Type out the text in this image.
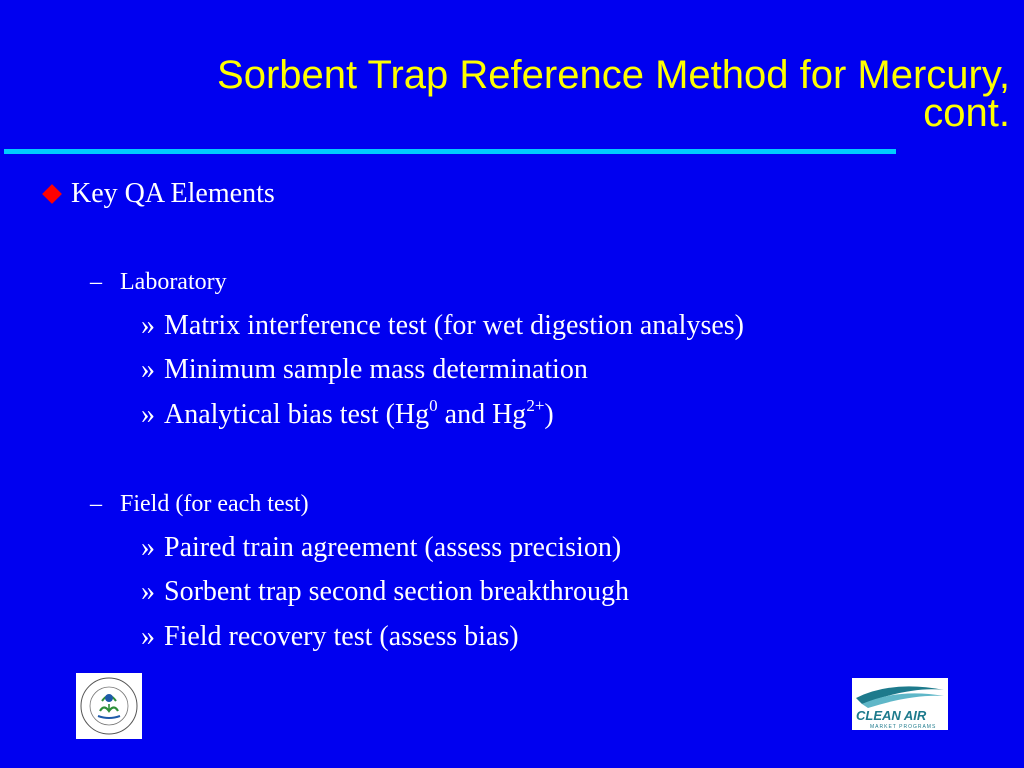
Sorbent Trap Reference Method for Mercury,
cont.
Key QA Elements
– Laboratory
» Matrix interference test (for wet digestion analyses)
» Minimum sample mass determination
» Analytical bias test (Hg$^0$ and $Hg^{2+}$)
– Field (for each test)
» Paired train agreement (assess precision)
» Sorbent trap second section breakthrough
» Field recovery test (assess bias)
CLEAN AIR
MARKET PROGRAMS
